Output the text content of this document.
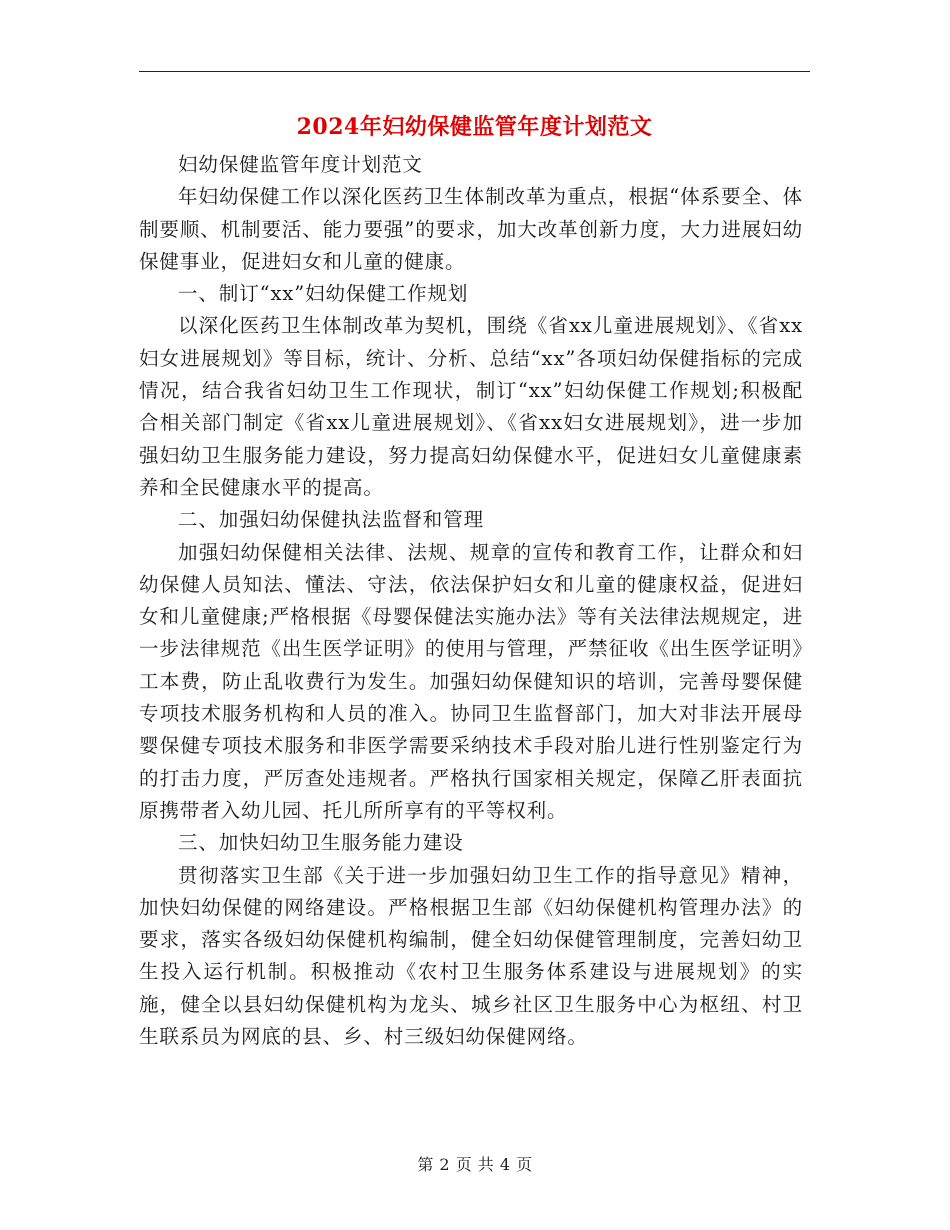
2024年妇幼保健监管年度计划范文

妇幼保健监管年度计划范文

年妇幼保健工作以深化医药卫生体制改革为重点，根据“体系要全、体制要顺、机制要活、能力要强”的要求，加大改革创新力度，大力进展妇幼保健事业，促进妇女和儿童的健康。

一、制订“xx”妇幼保健工作规划

以深化医药卫生体制改革为契机，围绕《省xx儿童进展规划》、《省xx妇女进展规划》等目标，统计、分析、总结“xx”各项妇幼保健指标的完成情况，结合我省妇幼卫生工作现状，制订“xx”妇幼保健工作规划;积极配合相关部门制定《省xx儿童进展规划》、《省xx妇女进展规划》，进一步加强妇幼卫生服务能力建设，努力提高妇幼保健水平，促进妇女儿童健康素养和全民健康水平的提高。

二、加强妇幼保健执法监督和管理

加强妇幼保健相关法律、法规、规章的宣传和教育工作，让群众和妇幼保健人员知法、懂法、守法，依法保护妇女和儿童的健康权益，促进妇女和儿童健康;严格根据《母婴保健法实施办法》等有关法律法规规定，进一步法律规范《出生医学证明》的使用与管理，严禁征收《出生医学证明》工本费，防止乱收费行为发生。加强妇幼保健知识的培训，完善母婴保健专项技术服务机构和人员的准入。协同卫生监督部门，加大对非法开展母婴保健专项技术服务和非医学需要采纳技术手段对胎儿进行性别鉴定行为的打击力度，严厉查处违规者。严格执行国家相关规定，保障乙肝表面抗原携带者入幼儿园、托儿所所享有的平等权利。

三、加快妇幼卫生服务能力建设

贯彻落实卫生部《关于进一步加强妇幼卫生工作的指导意见》精神，加快妇幼保健的网络建设。严格根据卫生部《妇幼保健机构管理办法》的要求，落实各级妇幼保健机构编制，健全妇幼保健管理制度，完善妇幼卫生投入运行机制。积极推动《农村卫生服务体系建设与进展规划》的实施，健全以县妇幼保健机构为龙头、城乡社区卫生服务中心为枢纽、村卫生联系员为网底的县、乡、村三级妇幼保健网络。

第 2 页 共 4 页
